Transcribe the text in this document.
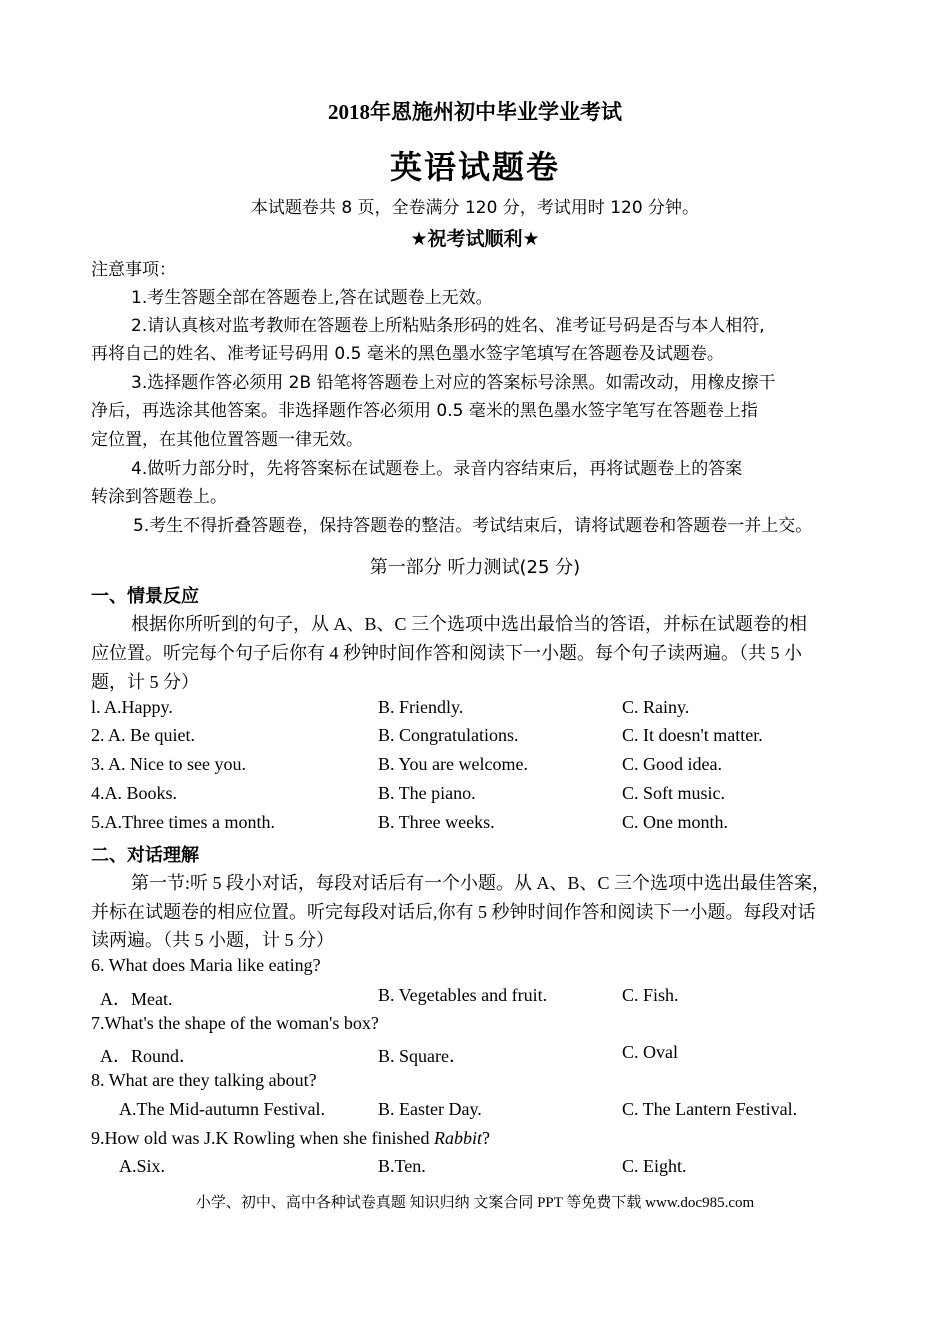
2018年恩施州初中毕业学业考试
英语试题卷
本试题卷共 8 页，全卷满分 120 分，考试用时 120 分钟。
★祝考试顺利★
注意事项：
1.考生答题全部在答题卷上,答在试题卷上无效。
2.请认真核对监考教师在答题卷上所粘贴条形码的姓名、准考证号码是否与本人相符,
再将自己的姓名、准考证号码用 0.5 毫米的黑色墨水签字笔填写在答题卷及试题卷。
3.选择题作答必须用 2B 铅笔将答题卷上对应的答案标号涂黑。如需改动，用橡皮擦干
净后，再选涂其他答案。非选择题作答必须用 0.5 毫米的黑色墨水签字笔写在答题卷上指
定位置，在其他位置答题一律无效。
4.做听力部分时，先将答案标在试题卷上。录音内容结束后，再将试题卷上的答案
转涂到答题卷上。
5.考生不得折叠答题卷，保持答题卷的整洁。考试结束后，请将试题卷和答题卷一并上交。
第一部分 听力测试(25 分)
一、情景反应
根据你所听到的句子，从 A、B、C 三个选项中选出最恰当的答语，并标在试题卷的相
应位置。听完每个句子后你有 4 秒钟时间作答和阅读下一小题。每个句子读两遍。（共 5 小
题，计 5 分）
l. A.Happy.	B. Friendly.	C. Rainy.
2. A. Be quiet.	B. Congratulations.	C. It doesn't matter.
3. A. Nice to see you.	B. You are welcome.	C. Good idea.
4.A. Books.	B. The piano.	C. Soft music.
5.A.Three times a month.	B. Three weeks.	C. One month.
二、对话理解
第一节:听 5 段小对话，每段对话后有一个小题。从 A、B、C 三个选项中选出最佳答案，
并标在试题卷的相应位置。听完每段对话后,你有 5 秒钟时间作答和阅读下一小题。每段对话
读两遍。（共 5 小题，计 5 分）
6. What does Maria like eating?
A．Meat.	B. Vegetables and fruit.	C. Fish.
7.What's the shape of the woman's box?
A．Round．	B. Square．	C. Oval
8. What are they talking about?
A.The Mid-autumn Festival.	B. Easter Day.	C. The Lantern Festival.
9.How old was J.K Rowling when she finished Rabbit?
A.Six.	B.Ten.	C. Eight.
小学、初中、高中各种试卷真题 知识归纳 文案合同 PPT 等免费下载 www.doc985.com
